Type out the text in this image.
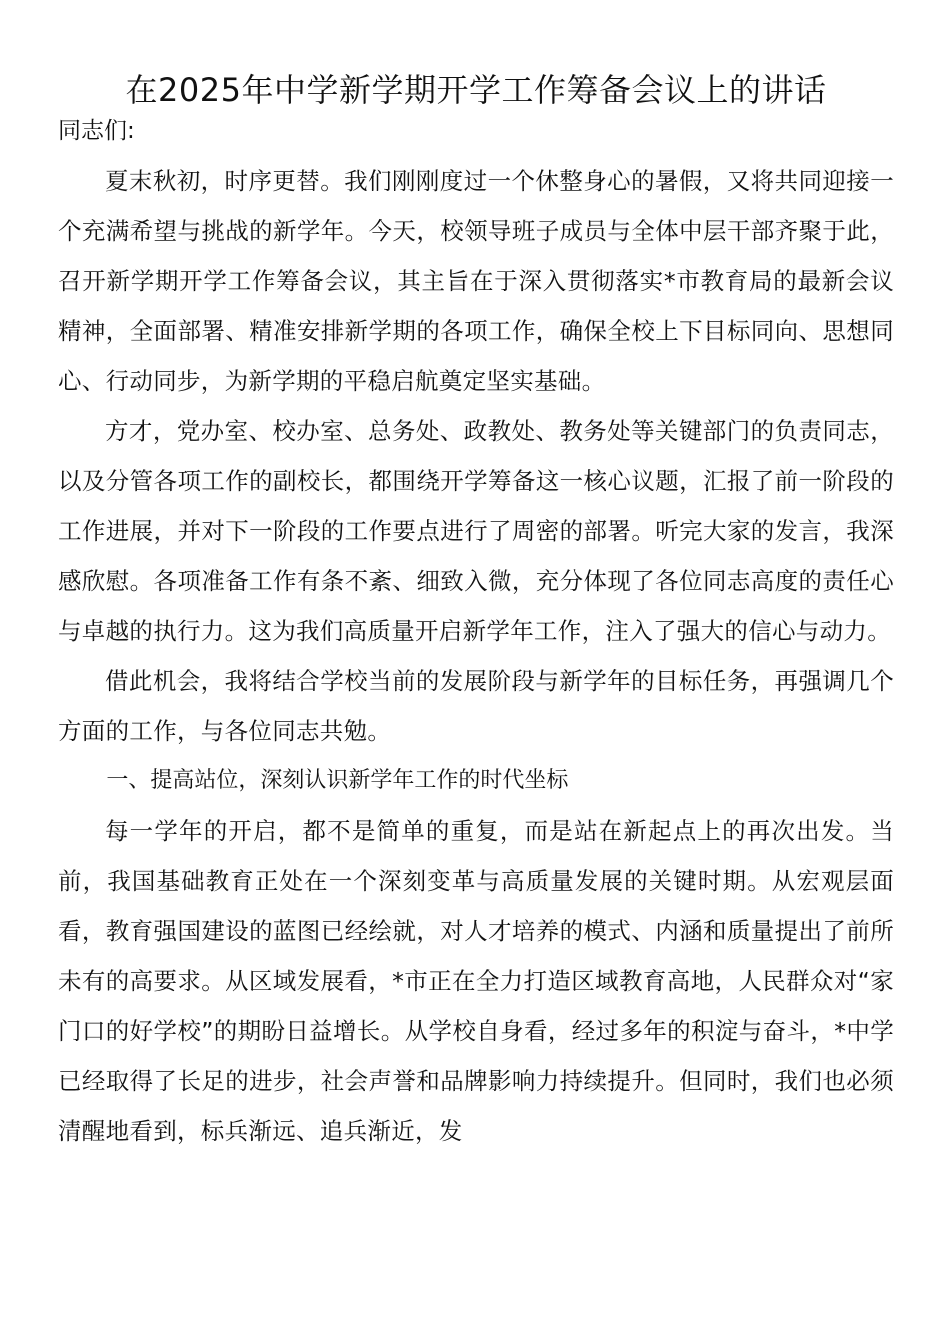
在2025年中学新学期开学工作筹备会议上的讲话

同志们:

夏末秋初，时序更替。我们刚刚度过一个休整身心的暑假，又将共同迎接一个充满希望与挑战的新学年。今天，校领导班子成员与全体中层干部齐聚于此，召开新学期开学工作筹备会议，其主旨在于深入贯彻落实*市教育局的最新会议精神，全面部署、精准安排新学期的各项工作，确保全校上下目标同向、思想同心、行动同步，为新学期的平稳启航奠定坚实基础。

方才，党办室、校办室、总务处、政教处、教务处等关键部门的负责同志，以及分管各项工作的副校长，都围绕开学筹备这一核心议题，汇报了前一阶段的工作进展，并对下一阶段的工作要点进行了周密的部署。听完大家的发言，我深感欣慰。各项准备工作有条不紊、细致入微，充分体现了各位同志高度的责任心与卓越的执行力。这为我们高质量开启新学年工作，注入了强大的信心与动力。

借此机会，我将结合学校当前的发展阶段与新学年的目标任务，再强调几个方面的工作，与各位同志共勉。

一、提高站位，深刻认识新学年工作的时代坐标

每一学年的开启，都不是简单的重复，而是站在新起点上的再次出发。当前，我国基础教育正处在一个深刻变革与高质量发展的关键时期。从宏观层面看，教育强国建设的蓝图已经绘就，对人才培养的模式、内涵和质量提出了前所未有的高要求。从区域发展看，*市正在全力打造区域教育高地，人民群众对“家门口的好学校”的期盼日益增长。从学校自身看，经过多年的积淀与奋斗，*中学已经取得了长足的进步，社会声誉和品牌影响力持续提升。但同时，我们也必须清醒地看到，标兵渐远、追兵渐近，发
